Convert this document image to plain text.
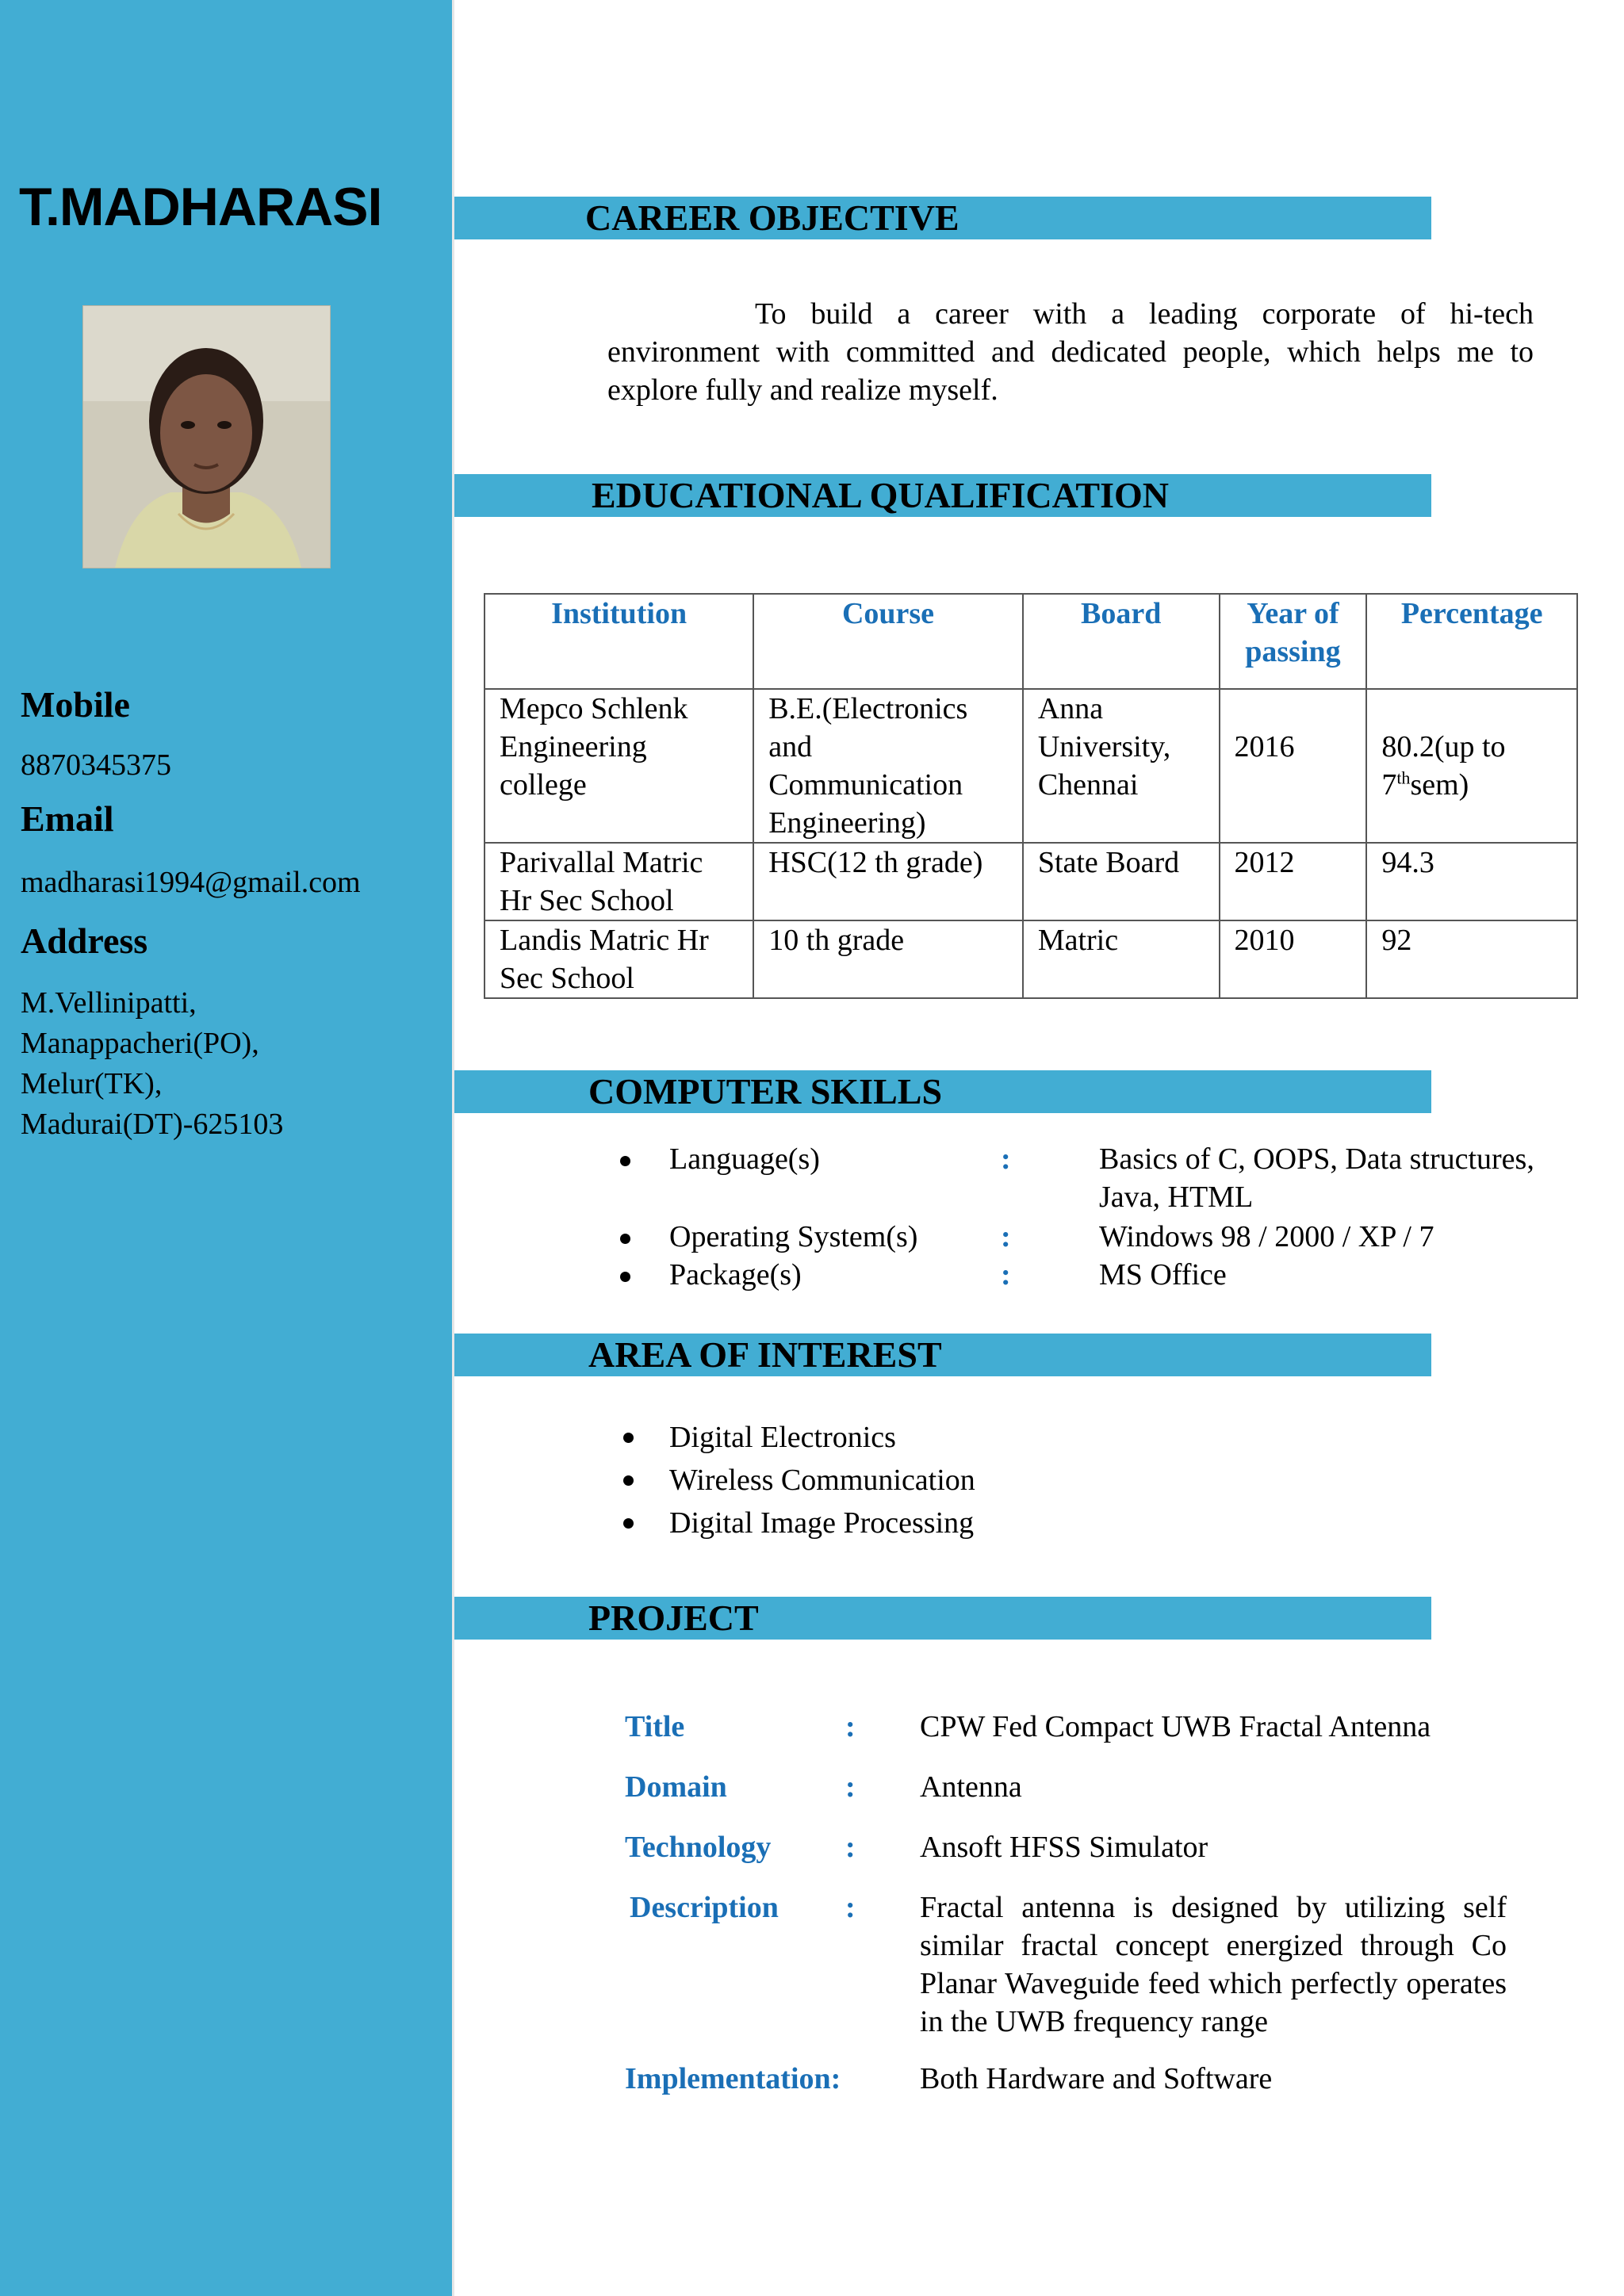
T.MADHARASI

Mobile

8870345375

Email

madharasi1994@gmail.com

Address

M.Vellinipatti,
Manappacheri(PO),
Melur(TK),
Madurai(DT)-625103
CAREER OBJECTIVE

To build a career with a leading corporate of hi-tech
environment with committed and dedicated people, which helps me to explore fully and realize myself.

EDUCATIONAL QUALIFICATION
Institution	Course	Board	Year of passing	Percentage
Mepco Schlenk Engineering college	B.E.(Electronics and Communication Engineering)	Anna University, Chennai	2016	80.2(up to 7thsem)
Parivallal Matric Hr Sec School	HSC(12 th grade)	State Board	2012	94.3
Landis Matric Hr Sec School	10 th grade	Matric	2010	92
COMPUTER SKILLS
Language(s)	:	Basics of C, OOPS, Data structures, Java, HTML
Operating System(s)	:	Windows 98 / 2000 / XP / 7
Package(s)	:	MS Office
AREA OF INTEREST
Digital Electronics
Wireless Communication
Digital Image Processing
PROJECT
Title	: CPW Fed Compact UWB Fractal Antenna
Domain	: Antenna
Technology : Ansoft HFSS Simulator
Description : Fractal antenna is designed by utilizing self similar fractal concept energized through Co Planar Waveguide feed which perfectly operates in the UWB frequency range
Implementation:	Both Hardware and Software
